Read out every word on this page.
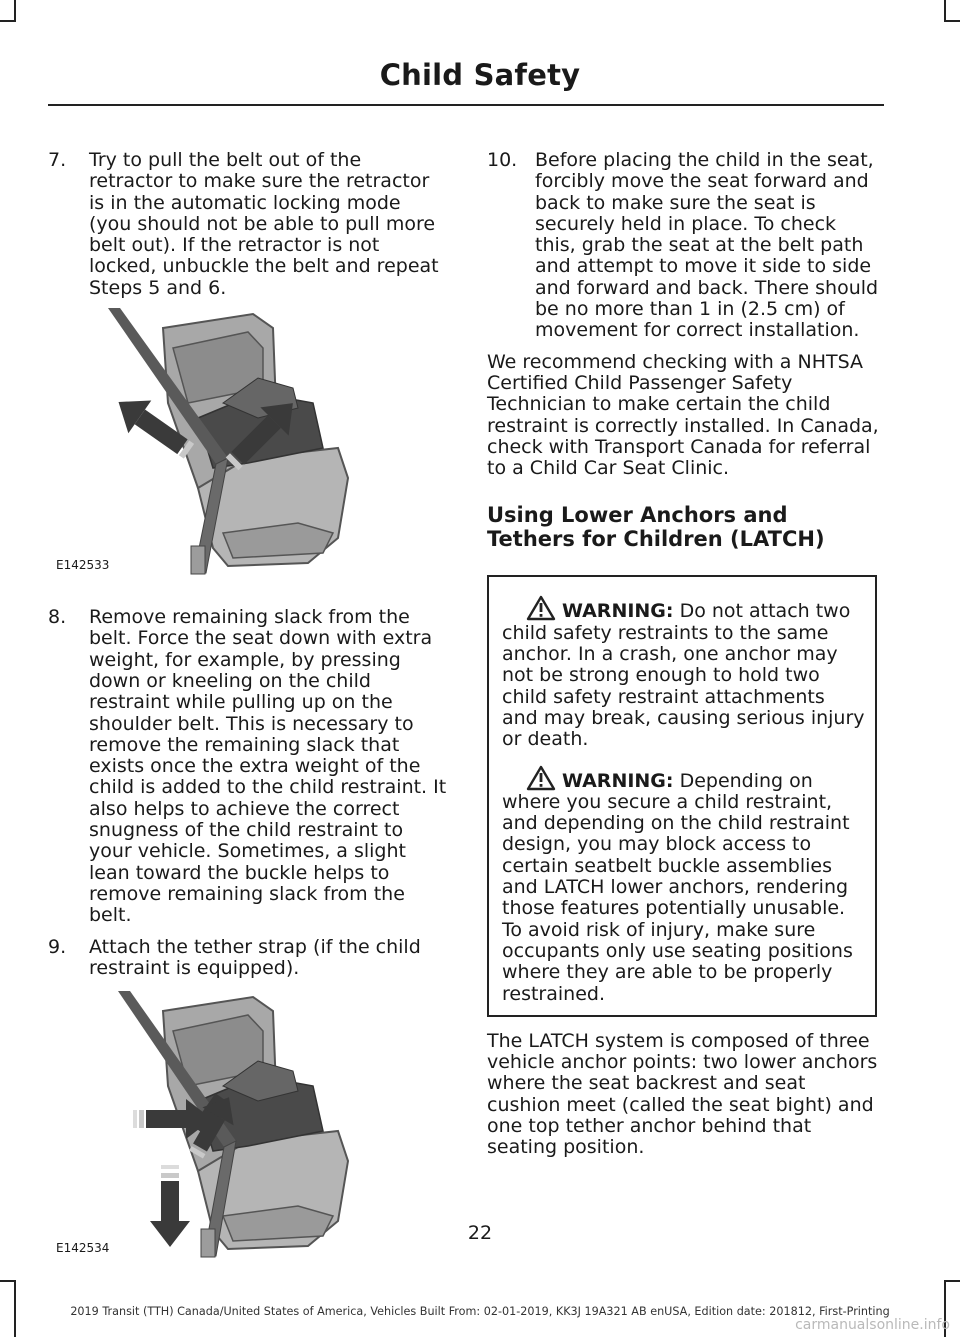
Child Safety

7. Try to pull the belt out of the retractor to make sure the retractor is in the automatic locking mode (you should not be able to pull more belt out). If the retractor is not locked, unbuckle the belt and repeat Steps 5 and 6.

E142533

8. Remove remaining slack from the belt. Force the seat down with extra weight, for example, by pressing down or kneeling on the child restraint while pulling up on the shoulder belt. This is necessary to remove the remaining slack that exists once the extra weight of the child is added to the child restraint. It also helps to achieve the correct snugness of the child restraint to your vehicle. Sometimes, a slight lean toward the buckle helps to remove remaining slack from the belt.

9. Attach the tether strap (if the child restraint is equipped).

E142534

10. Before placing the child in the seat, forcibly move the seat forward and back to make sure the seat is securely held in place. To check this, grab the seat at the belt path and attempt to move it side to side and forward and back. There should be no more than 1 in (2.5 cm) of movement for correct installation.

We recommend checking with a NHTSA Certified Child Passenger Safety Technician to make certain the child restraint is correctly installed. In Canada, check with Transport Canada for referral to a Child Car Seat Clinic.

Using Lower Anchors and Tethers for Children (LATCH)

WARNING: Do not attach two child safety restraints to the same anchor. In a crash, one anchor may not be strong enough to hold two child safety restraint attachments and may break, causing serious injury or death.

WARNING: Depending on where you secure a child restraint, and depending on the child restraint design, you may block access to certain seatbelt buckle assemblies and LATCH lower anchors, rendering those features potentially unusable. To avoid risk of injury, make sure occupants only use seating positions where they are able to be properly restrained.

The LATCH system is composed of three vehicle anchor points: two lower anchors where the seat backrest and seat cushion meet (called the seat bight) and one top tether anchor behind that seating position.

22
2019 Transit (TTH) Canada/United States of America, Vehicles Built From: 02-01-2019, KK3J 19A321 AB enUSA, Edition date: 201812, First-Printing
carmanualsonline.info
